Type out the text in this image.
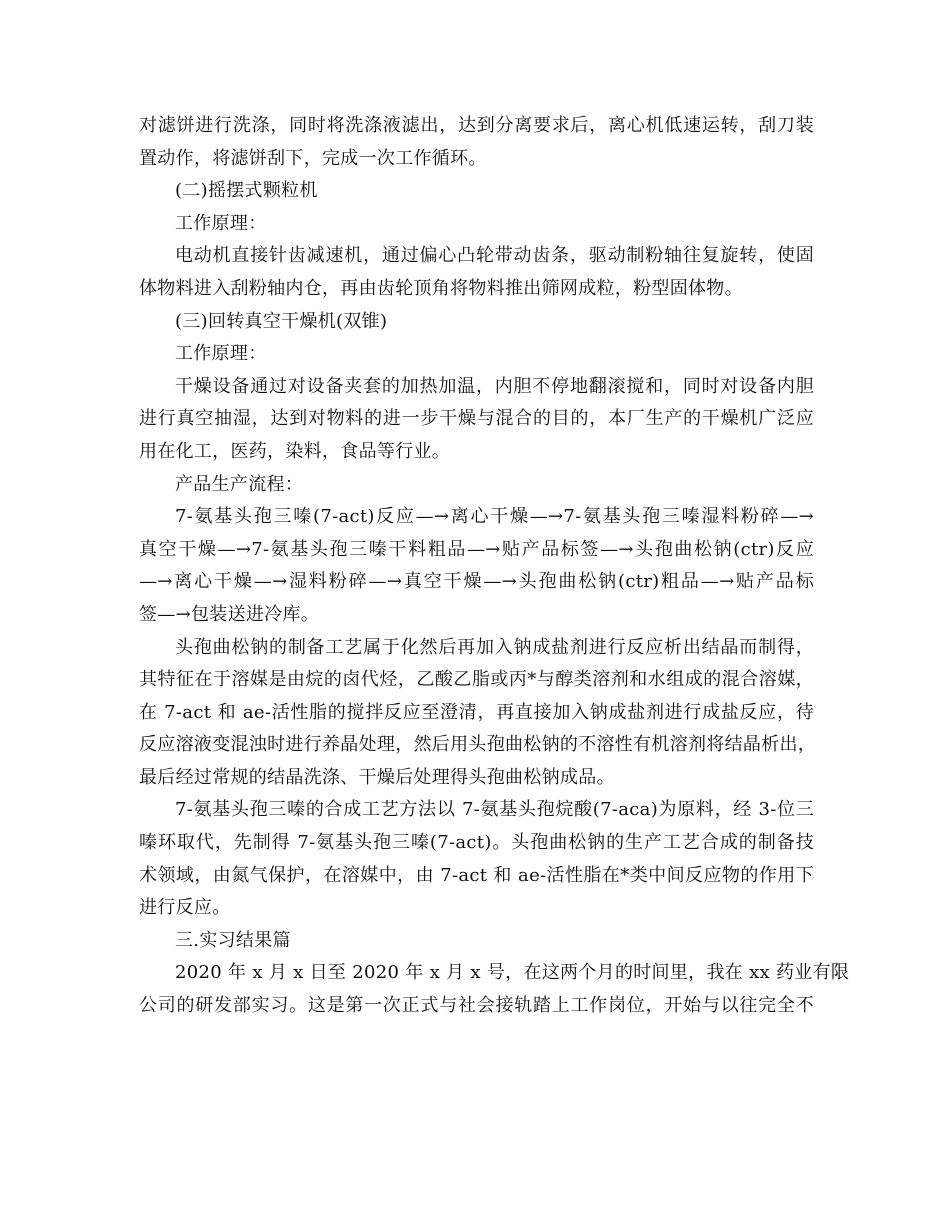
对滤饼进行洗涤，同时将洗涤液滤出，达到分离要求后，离心机低速运转，刮刀装
置动作，将滤饼刮下，完成一次工作循环。
(二)摇摆式颗粒机
工作原理：
电动机直接针齿减速机，通过偏心凸轮带动齿条，驱动制粉轴往复旋转，使固
体物料进入刮粉轴内仓，再由齿轮顶角将物料推出筛网成粒，粉型固体物。
(三)回转真空干燥机(双锥)
工作原理：
干燥设备通过对设备夹套的加热加温，内胆不停地翻滚搅和，同时对设备内胆
进行真空抽湿，达到对物料的进一步干燥与混合的目的，本厂生产的干燥机广泛应
用在化工，医药，染料，食品等行业。
产品生产流程：
7-氨基头孢三嗪(7-act)反应—→离心干燥—→7-氨基头孢三嗪湿料粉碎—→
真空干燥—→7-氨基头孢三嗪干料粗品—→贴产品标签—→头孢曲松钠(ctr)反应
—→离心干燥—→湿料粉碎—→真空干燥—→头孢曲松钠(ctr)粗品—→贴产品标
签—→包装送进冷库。
头孢曲松钠的制备工艺属于化然后再加入钠成盐剂进行反应析出结晶而制得，
其特征在于溶媒是由烷的卤代烃，乙酸乙脂或丙*与醇类溶剂和水组成的混合溶媒，
在 7-act 和 ae-活性脂的搅拌反应至澄清，再直接加入钠成盐剂进行成盐反应，待
反应溶液变混浊时进行养晶处理，然后用头孢曲松钠的不溶性有机溶剂将结晶析出，
最后经过常规的结晶洗涤、干燥后处理得头孢曲松钠成品。
7-氨基头孢三嗪的合成工艺方法以 7-氨基头孢烷酸(7-aca)为原料，经 3-位三
嗪环取代，先制得 7-氨基头孢三嗪(7-act)。头孢曲松钠的生产工艺合成的制备技
术领域，由氮气保护，在溶媒中，由 7-act 和 ae-活性脂在*类中间反应物的作用下
进行反应。
三.实习结果篇
2020 年 x 月 x 日至 2020 年 x 月 x 号，在这两个月的时间里，我在 xx 药业有限
公司的研发部实习。这是第一次正式与社会接轨踏上工作岗位，开始与以往完全不
